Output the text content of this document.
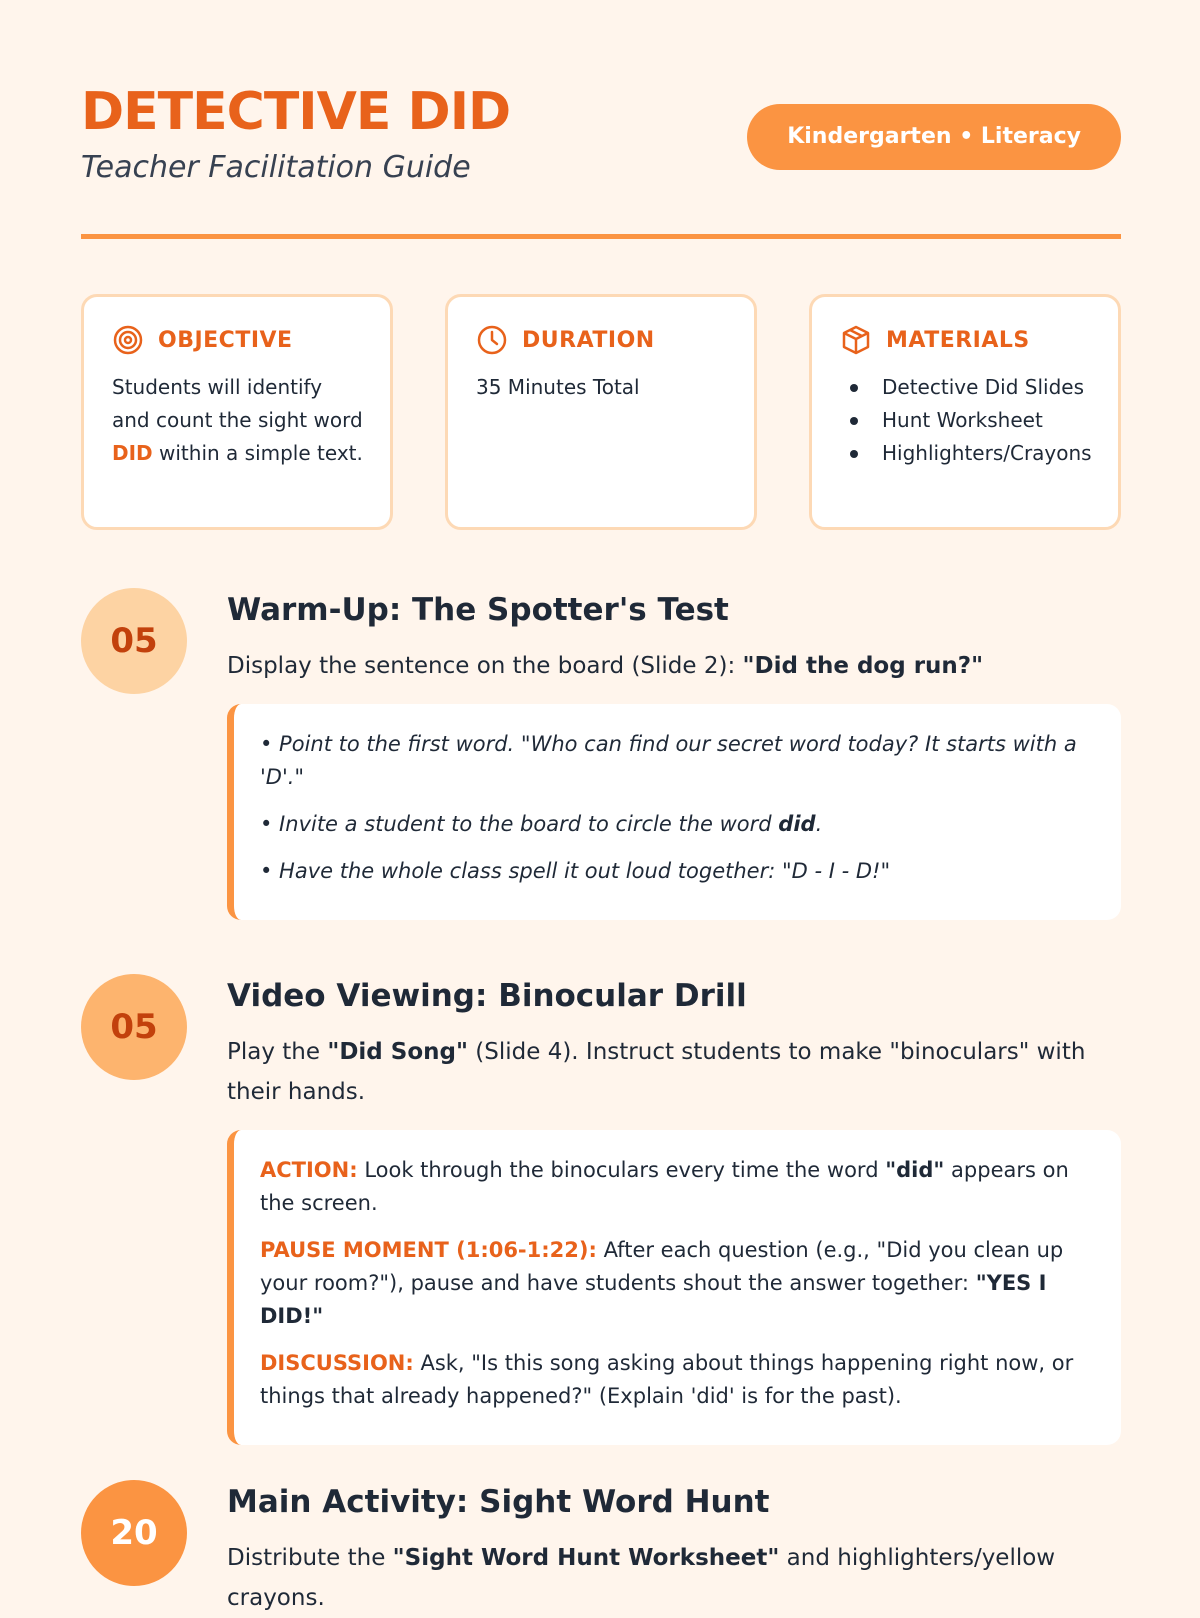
DETECTIVE DID
Teacher Facilitation Guide
Kindergarten • Literacy
OBJECTIVE
Students will identify and count the sight word DID within a simple text.
DURATION
35 Minutes Total
MATERIALS
Detective Did Slides
Hunt Worksheet
Highlighters/Crayons
05
Warm-Up: The Spotter's Test

Display the sentence on the board (Slide 2): "Did the dog run?"

• Point to the first word. "Who can find our secret word today? It starts with a 'D'."

• Invite a student to the board to circle the word did.

• Have the whole class spell it out loud together: "D - I - D!"

05
Video Viewing: Binocular Drill

Play the "Did Song" (Slide 4). Instruct students to make "binoculars" with their hands.

ACTION: Look through the binoculars every time the word "did" appears on the screen.

PAUSE MOMENT (1:06-1:22): After each question (e.g., "Did you clean up your room?"), pause and have students shout the answer together: "YES I DID!"

DISCUSSION: Ask, "Is this song asking about things happening right now, or things that already happened?" (Explain 'did' is for the past).

20
Main Activity: Sight Word Hunt

Distribute the "Sight Word Hunt Worksheet" and highlighters/yellow crayons.
